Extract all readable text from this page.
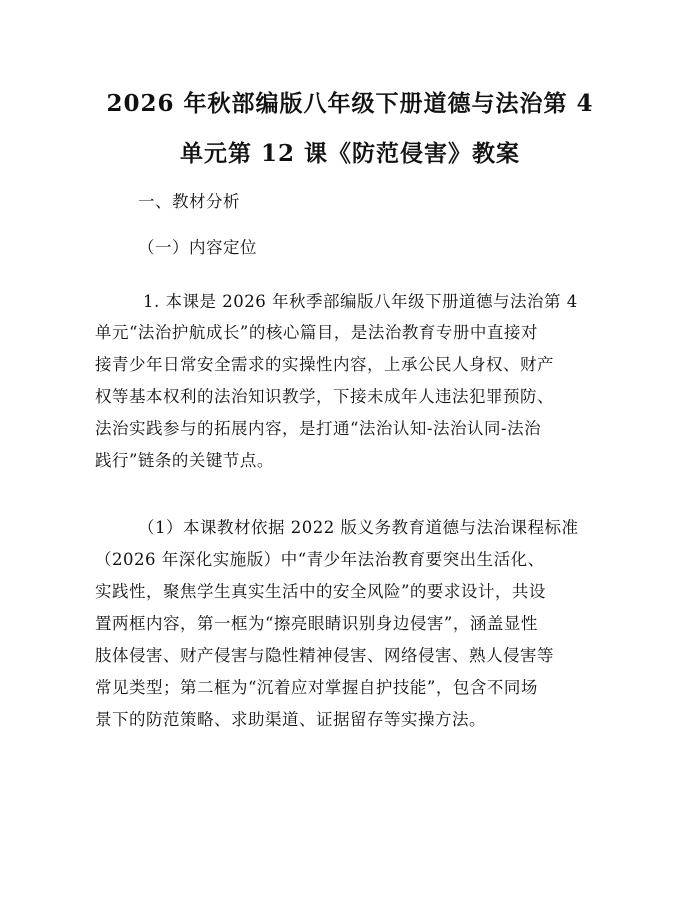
2026 年秋部编版八年级下册道德与法治第 4
单元第 12 课《防范侵害》教案
一、教材分析
（一）内容定位
1. 本课是 2026 年秋季部编版八年级下册道德与法治第 4
单元“法治护航成长”的核心篇目，是法治教育专册中直接对
接青少年日常安全需求的实操性内容，上承公民人身权、财产
权等基本权利的法治知识教学，下接未成年人违法犯罪预防、
法治实践参与的拓展内容，是打通“法治认知-法治认同-法治
践行”链条的关键节点。
（1）本课教材依据 2022 版义务教育道德与法治课程标准
（2026 年深化实施版）中“青少年法治教育要突出生活化、
实践性，聚焦学生真实生活中的安全风险”的要求设计，共设
置两框内容，第一框为“擦亮眼睛识别身边侵害”，涵盖显性
肢体侵害、财产侵害与隐性精神侵害、网络侵害、熟人侵害等
常见类型；第二框为“沉着应对掌握自护技能”，包含不同场
景下的防范策略、求助渠道、证据留存等实操方法。
